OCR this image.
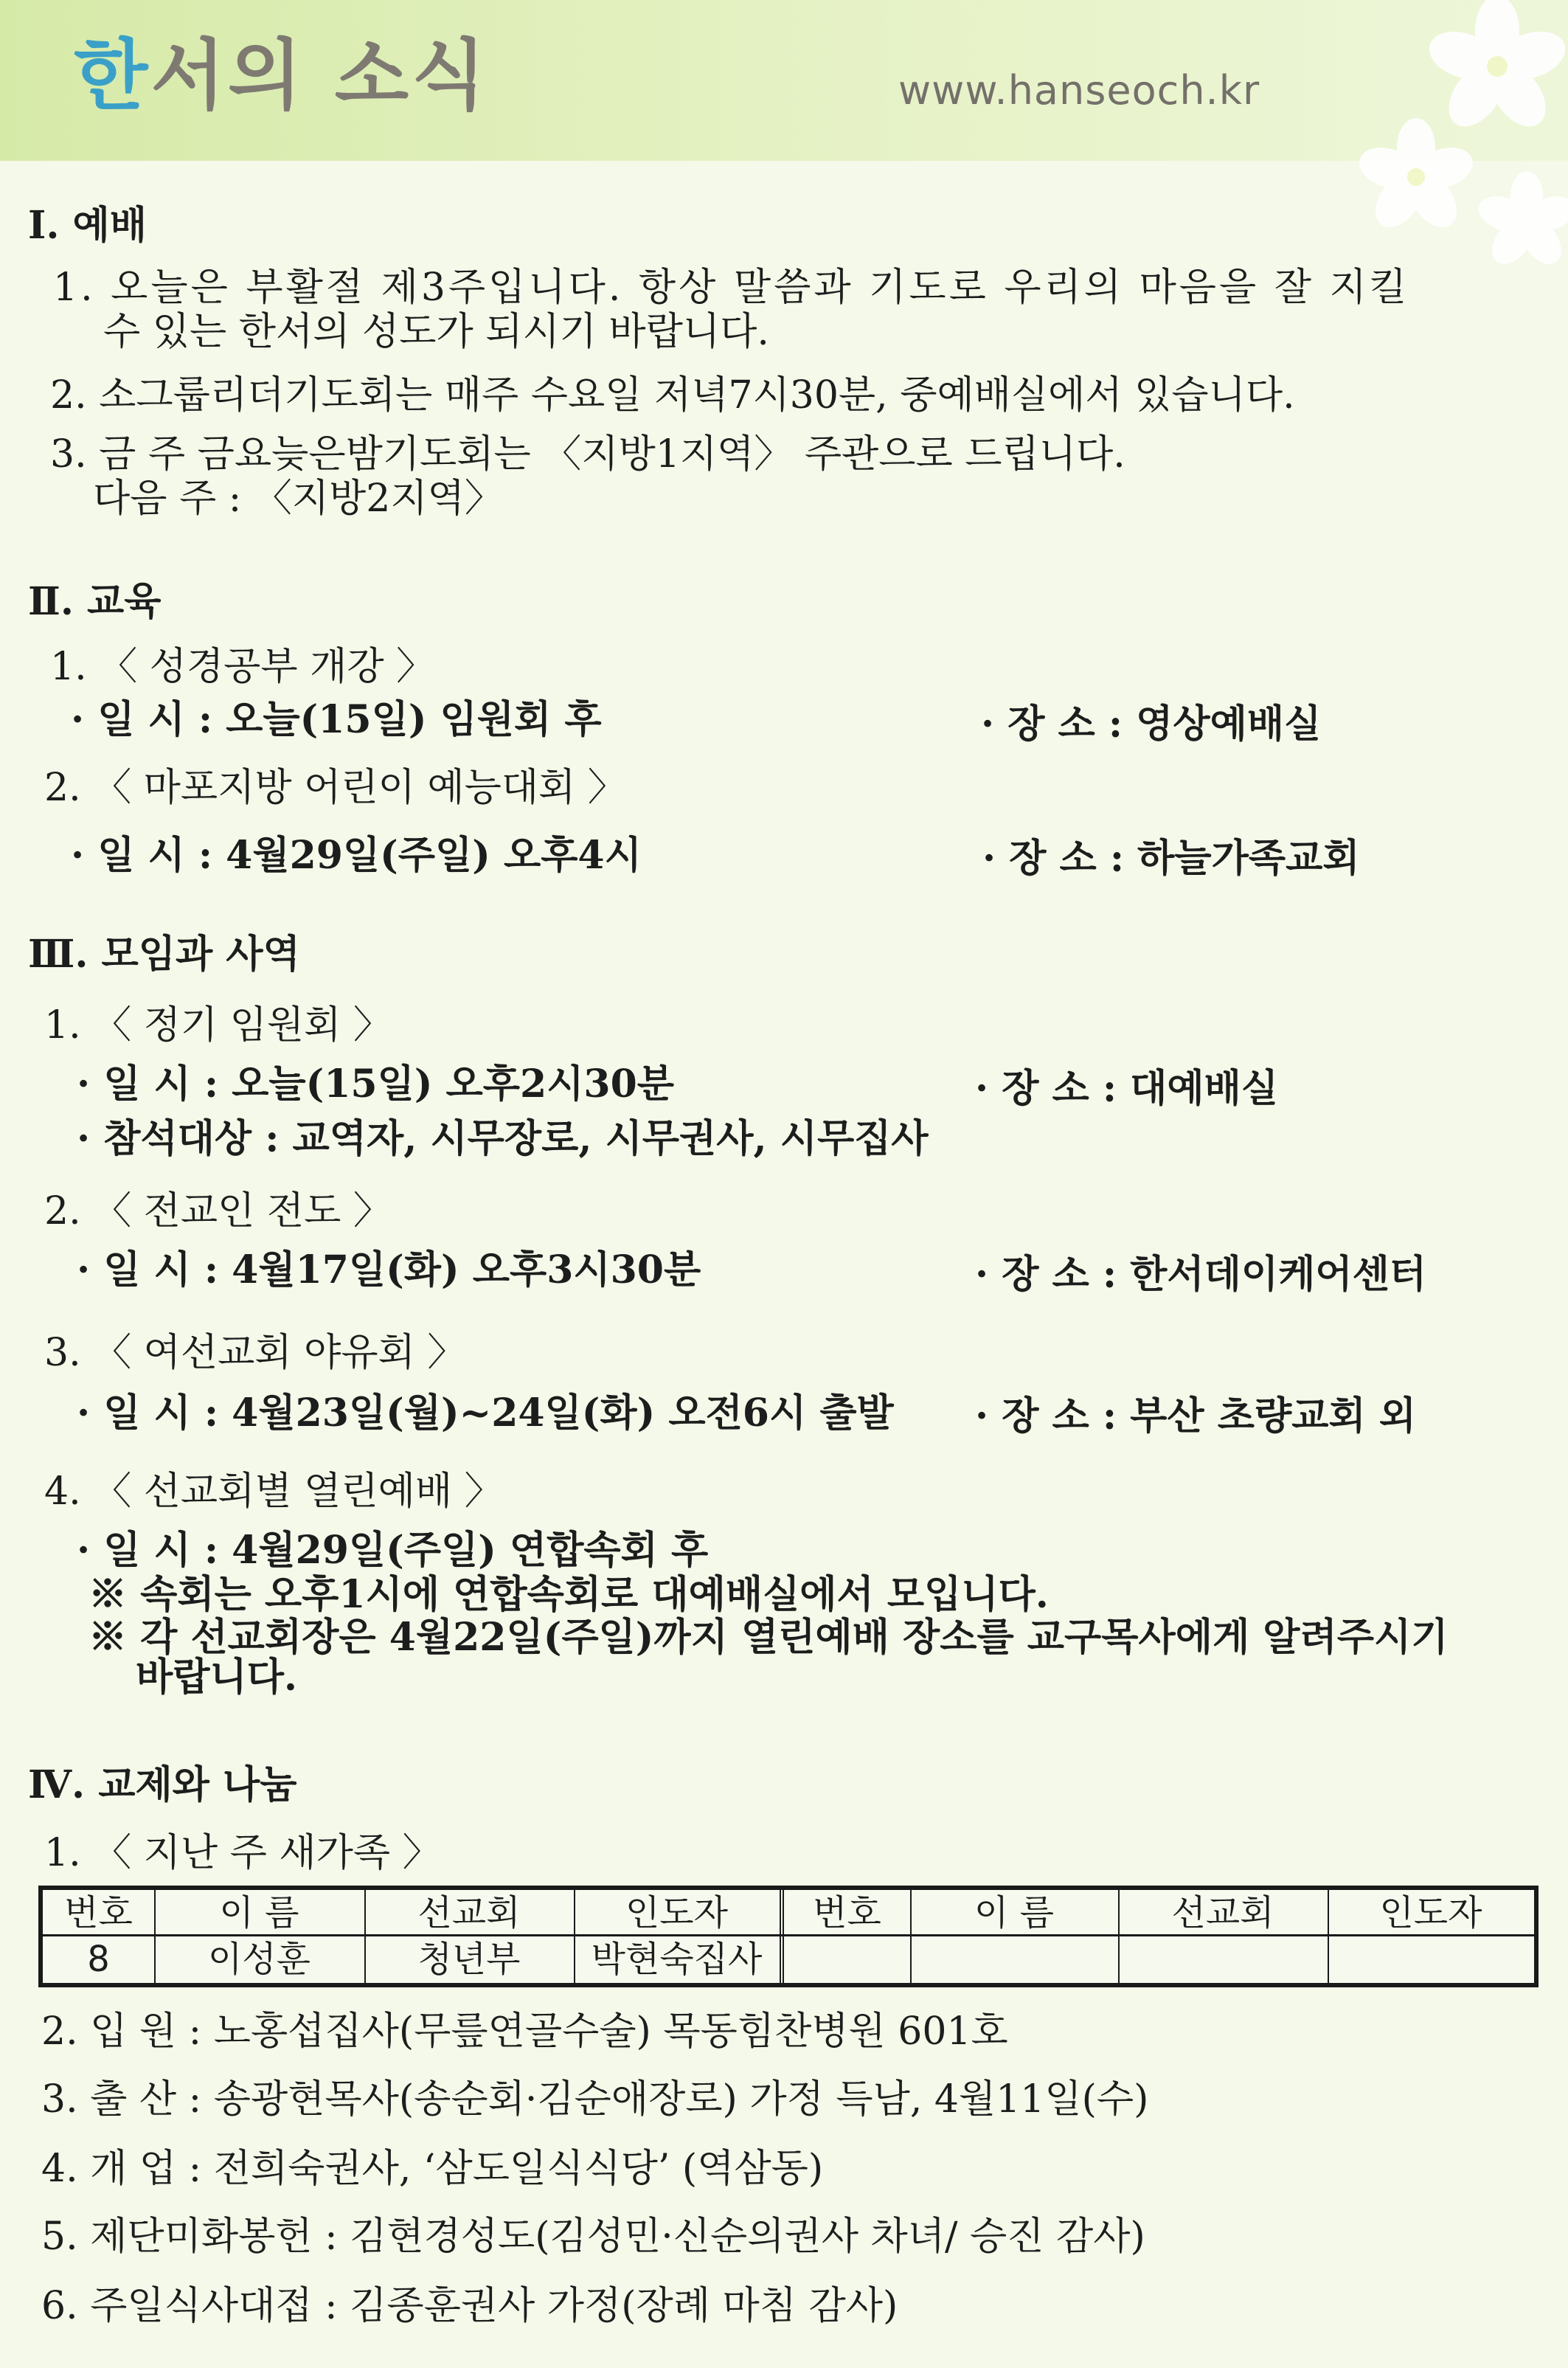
한서의 소식	www.hanseoch.kr
Ⅰ. 예배
1. 오늘은 부활절 제3주입니다. 항상 말씀과 기도로 우리의 마음을 잘 지킬
수 있는 한서의 성도가 되시기 바랍니다.
2. 소그룹리더기도회는 매주 수요일 저녁7시30분, 중예배실에서 있습니다.
3. 금 주 금요늦은밤기도회는 〈지방1지역〉 주관으로 드립니다.
다음 주 : 〈지방2지역〉
Ⅱ. 교육
1. 〈 성경공부 개강 〉
· 일 시 : 오늘(15일) 임원회 후	· 장 소 : 영상예배실
2. 〈 마포지방 어린이 예능대회 〉
· 일 시 : 4월29일(주일) 오후4시	· 장 소 : 하늘가족교회
Ⅲ. 모임과 사역
1. 〈 정기 임원회 〉
· 일 시 : 오늘(15일) 오후2시30분	· 장 소 : 대예배실
· 참석대상 : 교역자, 시무장로, 시무권사, 시무집사
2. 〈 전교인 전도 〉
· 일 시 : 4월17일(화) 오후3시30분	· 장 소 : 한서데이케어센터
3. 〈 여선교회 야유회 〉
· 일 시 : 4월23일(월)~24일(화) 오전6시 출발 · 장 소 : 부산 초량교회 외
4. 〈 선교회별 열린예배 〉
· 일 시 : 4월29일(주일) 연합속회 후
※ 속회는 오후1시에 연합속회로 대예배실에서 모입니다.
※ 각 선교회장은 4월22일(주일)까지 열린예배 장소를 교구목사에게 알려주시기
바랍니다.
Ⅳ. 교제와 나눔
1. 〈 지난 주 새가족 〉
번호	이 름	선교회	인도자	번호	이 름	선교회	인도자
8	이성훈	청년부	박현숙집사
2. 입 원 : 노홍섭집사(무릎연골수술) 목동힘찬병원 601호
3. 출 산 : 송광현목사(송순회·김순애장로) 가정 득남, 4월11일(수)
4. 개 업 : 전희숙권사, ‘삼도일식식당’ (역삼동)
5. 제단미화봉헌 : 김현경성도(김성민·신순의권사 차녀/ 승진 감사)
6. 주일식사대접 : 김종훈권사 가정(장례 마침 감사)
